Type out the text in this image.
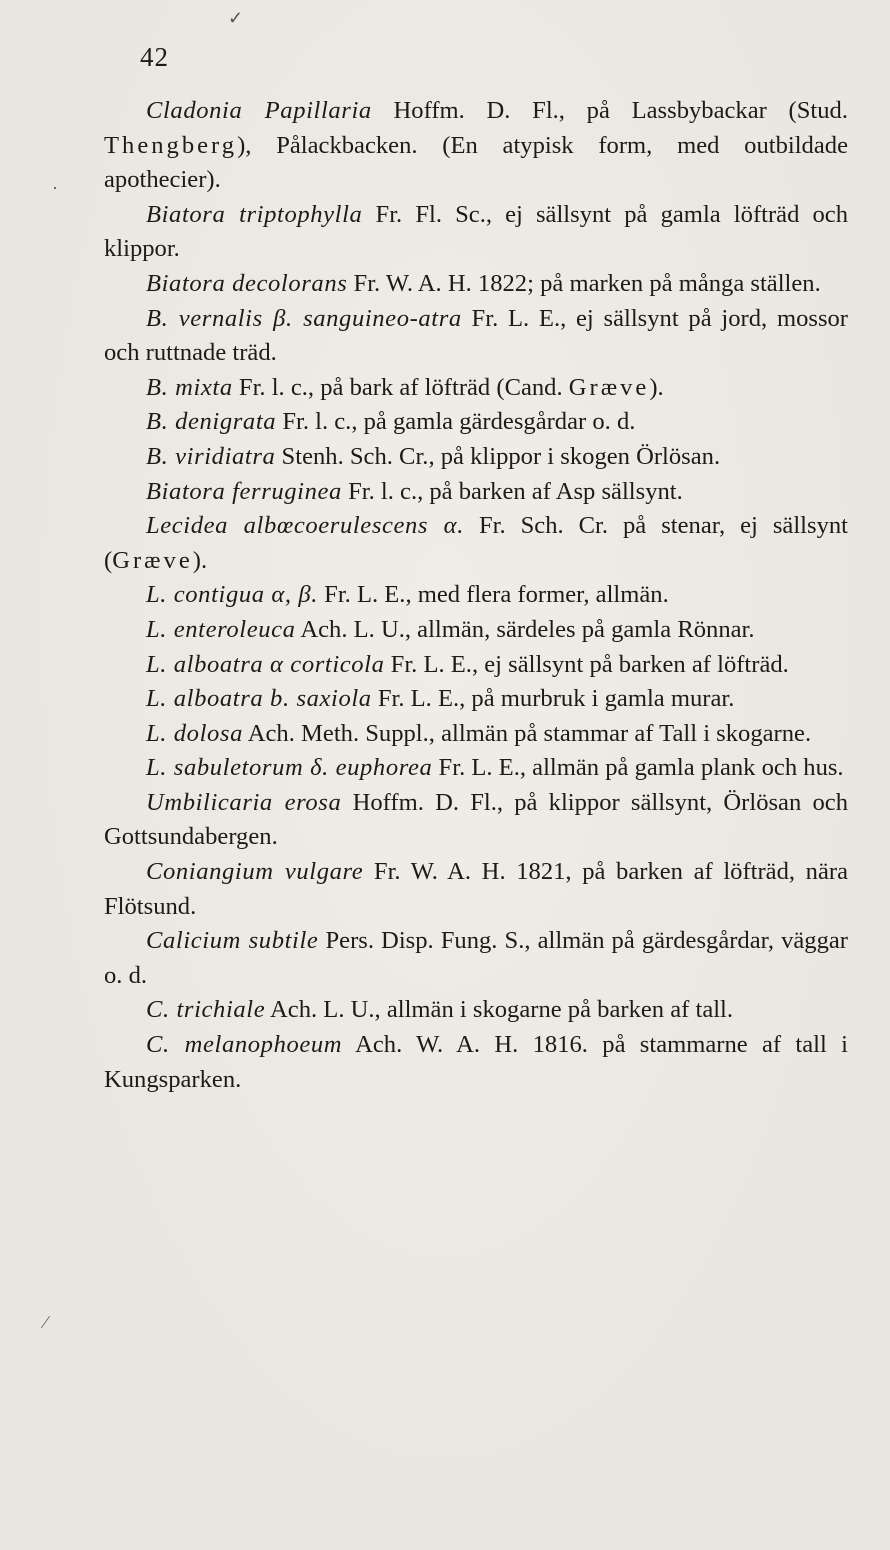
42

Cladonia Papillaria Hoffm. D. Fl., på Lassbybackar (Stud. Thengberg), Pålackbacken. (En atypisk form, med outbildade apothecier).

Biatora triptophylla Fr. Fl. Sc., ej sällsynt på gamla löfträd och klippor.

Biatora decolorans Fr. W. A. H. 1822; på marken på många ställen.

B. vernalis β. sanguineo-atra Fr. L. E., ej sällsynt på jord, mossor och ruttnade träd.

B. mixta Fr. l. c., på bark af löfträd (Cand. Græve).

B. denigrata Fr. l. c., på gamla gärdesgårdar o. d.

B. viridiatra Stenh. Sch. Cr., på klippor i skogen Örlösan.

Biatora ferruginea Fr. l. c., på barken af Asp sällsynt.

Lecidea albœcoerulescens α. Fr. Sch. Cr. på stenar, ej sällsynt (Græve).

L. contigua α, β. Fr. L. E., med flera former, allmän.

L. enteroleuca Ach. L. U., allmän, särdeles på gamla Rönnar.

L. alboatra α corticola Fr. L. E., ej sällsynt på barken af löfträd.

L. alboatra b. saxiola Fr. L. E., på murbruk i gamla murar.

L. dolosa Ach. Meth. Suppl., allmän på stammar af Tall i skogarne.

L. sabuletorum δ. euphorea Fr. L. E., allmän på gamla plank och hus.

Umbilicaria erosa Hoffm. D. Fl., på klippor sällsynt, Örlösan och Gottsundabergen.

Coniangium vulgare Fr. W. A. H. 1821, på barken af löfträd, nära Flötsund.

Calicium subtile Pers. Disp. Fung. S., allmän på gärdesgårdar, väggar o. d.

C. trichiale Ach. L. U., allmän i skogarne på barken af tall.

C. melanophoeum Ach. W. A. H. 1816. på stammarne af tall i Kungsparken.

✓
·
⁄
